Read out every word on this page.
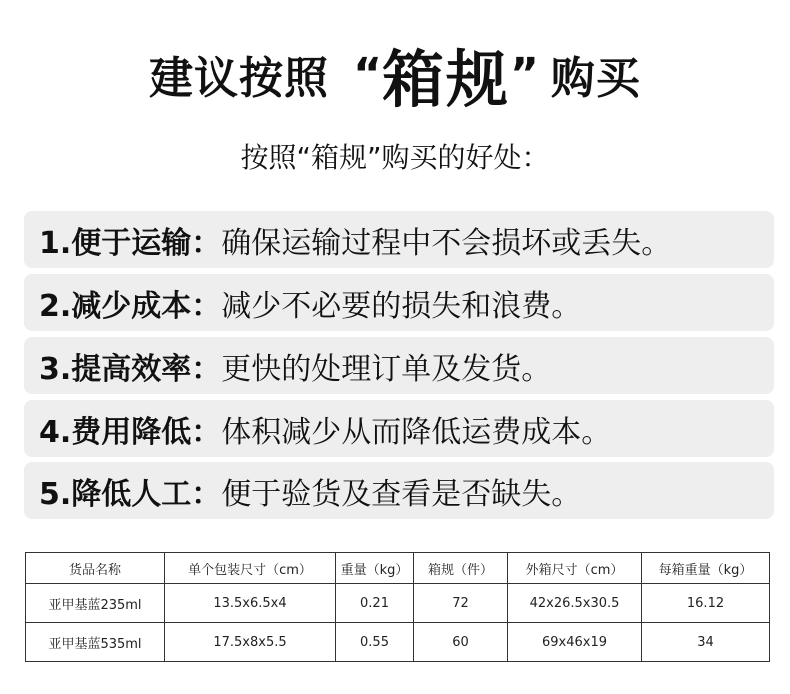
建议按照 “ 箱规 ” 购买
按照“箱规”购买的好处：
1.便于运输： 确保运输过程中不会损坏或丢失。
2.减少成本： 减少不必要的损失和浪费。
3.提高效率： 更快的处理订单及发货。
4.费用降低： 体积减少从而降低运费成本。
5.降低人工： 便于验货及查看是否缺失。
货品名称	单个包装尺寸（cm）	重量（kg）	箱规（件）	外箱尺寸（cm）	每箱重量（kg）
亚甲基蓝235ml	13.5x6.5x4	0.21	72	42x26.5x30.5	16.12
亚甲基蓝535ml	17.5x8x5.5	0.55	60	69x46x19	34
